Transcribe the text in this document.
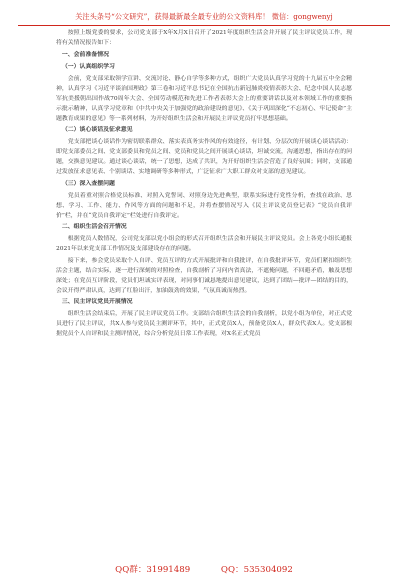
关注头条号“公文研究”，获得最新最全最专业的公文资料库！ 微信：gongwenyj

按照上级党委的要求，公司党支部于X年X月X日召开了2021年度组织生活会并开展了民主评议党员工作，现将有关情况报告如下：

一、会前准备情况
（一）认真组织学习

会前，党支部采取领学宣讲、交流讨论、静心自学等多种方式，组织广大党员认真学习党的十九届五中全会精神，认真学习《习近平谈治国理政》第三卷和习近平总书记在全国抗击新冠肺炎疫情表彰大会、纪念中国人民志愿军抗美援朝出国作战70周年大会、全国劳动模范和先进工作者表彰大会上的重要讲话以及对本领域工作的重要指示批示精神，认真学习党章和《中共中央关于加强党的政治建设的意见》、《关于巩固深化“不忘初心、牢记使命”主题教育成果的意见》等一系列材料，为开好组织生活会和开展民主评议党员打牢思想基础。

（二）谈心谈话及征求意见

党支部把谈心谈话作为密切联系群众、落实表真务实作风的有效途径，有计划、分层次的开展谈心谈话活动：即党支部委员之间、党支部委员和党员之间、党员和党员之间开展谈心谈话，坦诚交流，沟通思想，指出存在的问题，交换意见建议。通过谈心谈话，统一了思想，达成了共识，为开好组织生活会营造了良好氛围；同时，支部通过发放征求意见表、个别谈话、实地调研等多种形式，广泛征求广大职工群众对支部的意见建议。

（三）深入查摆问题

党员着重对照合格党员标准、对照入党誓词、对照身边先进典型，联系实际进行党性分析，查找在政治、思想、学习、工作、能力、作风等方面的问题和不足，并将查摆情况写入《民主评议党员登记表》“党员自我评价”栏，并在“党员自我评定”栏处进行自我评定。

二、组织生活会召开情况

根据党员人数情况，公司党支部以党小组会的形式召开组织生活会和开展民主评议党员。会上各党小组长通报2021年以来党支部工作情况及支部建设存在的问题。

接下来，参会党员采取个人自评、党员互评的方式开展批评和自我批评，在自我批评环节，党员们紧扣组织生活会主题，结合实际，逐一进行深刻的对照检查，自我剖析了习问内省真法，不遮掩问题，不回避矛盾，触及思想深处；在党员互评阶段，党员们坦诚实评表现，对同事们诚恳地提出意见建议，达到了团结—批评—团结的目的，会议开得严肃认真，达到了红脸出汗，加油鼓劲的效果，气氛真诚而热烈。

三、民主评议党员开展情况

组织生活会结束后，开展了民主评议党员工作。支部结合组织生活会的自我剖析，以党小组为单位，对正式党员进行了民主评议，共X人参与党员民主测评环节，其中，正式党员X人，预备党员X人，群众代表X人。党支部根据党员个人自评和民主测评情况，综合分析党员日常工作表现，对X名正式党员

QQ群：31991489	QQ：535304092
